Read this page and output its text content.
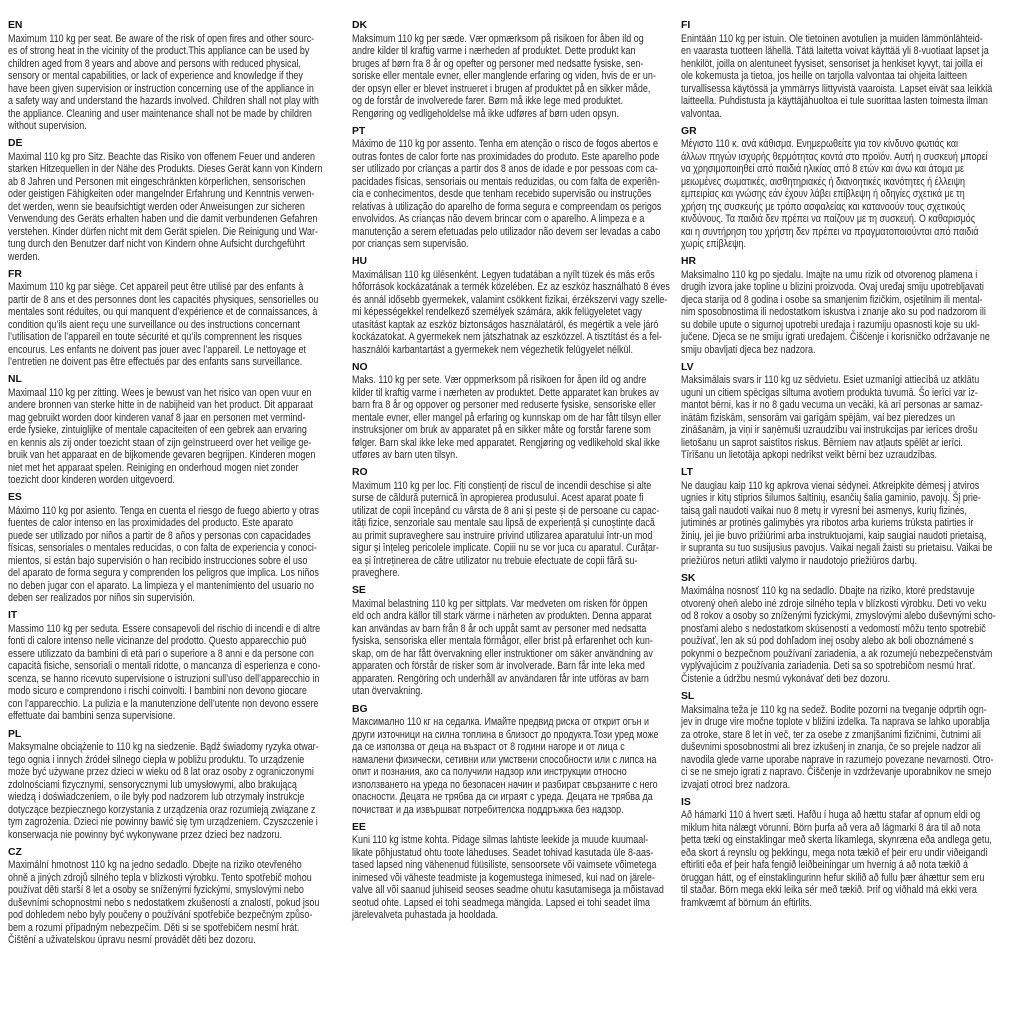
EN
Maximum 110 kg per seat. Be aware of the risk of open fires and other sourc-
es of strong heat in the vicinity of the product.This appliance can be used by
children aged from 8 years and above and persons with reduced physical,
sensory or mental capabilities, or lack of experience and knowledge if they
have been given supervision or instruction concerning use of the appliance in
a safety way and understand the hazards involved. Children shall not play with
the appliance. Cleaning and user maintenance shall not be made by children
without supervision.
DE
Maximal 110 kg pro Sitz. Beachte das Risiko von offenem Feuer und anderen
starken Hitzequellen in der Nähe des Produkts. Dieses Gerät kann von Kindern
ab 8 Jahren und Personen mit eingeschränkten körperlichen, sensorischen
oder geistigen Fähigkeiten oder mangelnder Erfahrung und Kenntnis verwen-
det werden, wenn sie beaufsichtigt werden oder Anweisungen zur sicheren
Verwendung des Geräts erhalten haben und die damit verbundenen Gefahren
verstehen. Kinder dürfen nicht mit dem Gerät spielen. Die Reinigung und War-
tung durch den Benutzer darf nicht von Kindern ohne Aufsicht durchgeführt
werden.
FR
Maximum 110 kg par siège. Cet appareil peut être utilisé par des enfants à
partir de 8 ans et des personnes dont les capacités physiques, sensorielles ou
mentales sont réduites, ou qui manquent d’expérience et de connaissances, à
condition qu’ils aient reçu une surveillance ou des instructions concernant
l’utilisation de l’appareil en toute sécurité et qu’ils comprennent les risques
encourus. Les enfants ne doivent pas jouer avec l’appareil. Le nettoyage et
l’entretien ne doivent pas être effectués par des enfants sans surveillance.
NL
Maximaal 110 kg per zitting. Wees je bewust van het risico van open vuur en
andere bronnen van sterke hitte in de nabijheid van het product. Dit apparaat
mag gebruikt worden door kinderen vanaf 8 jaar en personen met vermind-
erde fysieke, zintuiglijke of mentale capaciteiten of een gebrek aan ervaring
en kennis als zij onder toezicht staan of zijn geïnstrueerd over het veilige ge-
bruik van het apparaat en de bijkomende gevaren begrijpen. Kinderen mogen
niet met het apparaat spelen. Reiniging en onderhoud mogen niet zonder
toezicht door kinderen worden uitgevoerd.
ES
Máximo 110 kg por asiento. Tenga en cuenta el riesgo de fuego abierto y otras
fuentes de calor intenso en las proximidades del producto. Este aparato
puede ser utilizado por niños a partir de 8 años y personas con capacidades
físicas, sensoriales o mentales reducidas, o con falta de experiencia y conoci-
mientos, si están bajo supervisión o han recibido instrucciones sobre el uso
del aparato de forma segura y comprenden los peligros que implica. Los niños
no deben jugar con el aparato. La limpieza y el mantenimiento del usuario no
deben ser realizados por niños sin supervisión.
IT
Massimo 110 kg per seduta. Essere consapevoli del rischio di incendi e di altre
fonti di calore intenso nelle vicinanze del prodotto. Questo apparecchio può
essere utilizzato da bambini di età pari o superiore a 8 anni e da persone con
capacità fisiche, sensoriali o mentali ridotte, o mancanza di esperienza e cono-
scenza, se hanno ricevuto supervisione o istruzioni sull’uso dell’apparecchio in
modo sicuro e comprendono i rischi coinvolti. I bambini non devono giocare
con l’apparecchio. La pulizia e la manutenzione dell’utente non devono essere
effettuate dai bambini senza supervisione.
PL
Maksymalne obciążenie to 110 kg na siedzenie. Bądź świadomy ryzyka otwar-
tego ognia i innych źródeł silnego ciepła w pobliżu produktu. To urządzenie
może być używane przez dzieci w wieku od 8 lat oraz osoby z ograniczonymi
zdolnościami fizycznymi, sensorycznymi lub umysłowymi, albo brakującą
wiedzą i doświadczeniem, o ile były pod nadzorem lub otrzymały instrukcje
dotyczące bezpiecznego korzystania z urządzenia oraz rozumieją związane z
tym zagrożenia. Dzieci nie powinny bawić się tym urządzeniem. Czyszczenie i
konserwacja nie powinny być wykonywane przez dzieci bez nadzoru.
CZ
Maximální hmotnost 110 kg na jedno sedadlo. Dbejte na riziko otevřeného
ohně a jiných zdrojů silného tepla v blízkosti výrobku. Tento spotřebič mohou
používat děti starší 8 let a osoby se sníženými fyzickými, smyslovými nebo
duševními schopnostmi nebo s nedostatkem zkušeností a znalostí, pokud jsou
pod dohledem nebo byly poučeny o používání spotřebiče bezpečným způso-
bem a rozumí případným nebezpečím. Děti si se spotřebičem nesmí hrát.
Čištění a uživatelskou úpravu nesmí provádět děti bez dozoru.
DK
Maksimum 110 kg per sæde. Vær opmærksom på risikoen for åben ild og
andre kilder til kraftig varme i nærheden af produktet. Dette produkt kan
bruges af børn fra 8 år og opefter og personer med nedsatte fysiske, sen-
soriske eller mentale evner, eller manglende erfaring og viden, hvis de er un-
der opsyn eller er blevet instrueret i brugen af produktet på en sikker måde,
og de forstår de involverede farer. Børn må ikke lege med produktet.
Rengøring og vedligeholdelse må ikke udføres af børn uden opsyn.
PT
Máximo de 110 kg por assento. Tenha em atenção o risco de fogos abertos e
outras fontes de calor forte nas proximidades do produto. Este aparelho pode
ser utilizado por crianças a partir dos 8 anos de idade e por pessoas com ca-
pacidades físicas, sensoriais ou mentais reduzidas, ou com falta de experiên-
cia e conhecimentos, desde que tenham recebido supervisão ou instruções
relativas à utilização do aparelho de forma segura e compreendam os perigos
envolvidos. As crianças não devem brincar com o aparelho. A limpeza e a
manutenção a serem efetuadas pelo utilizador não devem ser levadas a cabo
por crianças sem supervisão.
HU
Maximálisan 110 kg ülésenként. Legyen tudatában a nyílt tüzek és más erős
hőforrások kockázatának a termék közelében. Ez az eszköz használható 8 éves
és annál idősebb gyermekek, valamint csökkent fizikai, érzékszervi vagy szelle-
mi képességekkel rendelkező személyek számára, akik felügyeletet vagy
utasítást kaptak az eszköz biztonságos használatáról, és megértik a vele járó
kockázatokat. A gyermekek nem játszhatnak az eszközzel. A tisztítást és a fel-
használói karbantartást a gyermekek nem végezhetik felügyelet nélkül.
NO
Maks. 110 kg per sete. Vær oppmerksom på risikoen for åpen ild og andre
kilder til kraftig varme i nærheten av produktet. Dette apparatet kan brukes av
barn fra 8 år og oppover og personer med reduserte fysiske, sensoriske eller
mentale evner, eller mangel på erfaring og kunnskap om de har fått tilsyn eller
instruksjoner om bruk av apparatet på en sikker måte og forstår farene som
følger. Barn skal ikke leke med apparatet. Rengjøring og vedlikehold skal ikke
utføres av barn uten tilsyn.
RO
Maximum 110 kg per loc. Fiți conștienți de riscul de incendii deschise și alte
surse de căldură puternică în apropierea produsului. Acest aparat poate fi
utilizat de copii începând cu vârsta de 8 ani și peste și de persoane cu capac-
ități fizice, senzoriale sau mentale sau lipsă de experiență și cunoștințe dacă
au primit supraveghere sau instruire privind utilizarea aparatului într-un mod
sigur și înțeleg pericolele implicate. Copiii nu se vor juca cu aparatul. Curățar-
ea și întreținerea de către utilizator nu trebuie efectuate de copii fără su-
praveghere.
SE
Maximal belastning 110 kg per sittplats. Var medveten om risken för öppen
eld och andra källor till stark värme i närheten av produkten. Denna apparat
kan användas av barn från 8 år och uppåt samt av personer med nedsatta
fysiska, sensoriska eller mentala förmågor, eller brist på erfarenhet och kun-
skap, om de har fått övervakning eller instruktioner om säker användning av
apparaten och förstår de risker som är involverade. Barn får inte leka med
apparaten. Rengöring och underhåll av användaren får inte utföras av barn
utan övervakning.
BG
Максимално 110 кг на седалка. Имайте предвид риска от открит огън и
други източници на силна топлина в близост до продукта.Този уред може
да се използва от деца на възраст от 8 години нагоре и от лица с
намалени физически, сетивни или умствени способности или с липса на
опит и познания, ако са получили надзор или инструкции относно
използването на уреда по безопасен начин и разбират свързаните с него
опасности. Децата не трябва да си играят с уреда. Децата не трябва да
почистват и да извършват потребителска поддръжка без надзор.
EE
Kuni 110 kg istme kohta. Pidage silmas lahtiste leekide ja muude kuumaal-
likate põhjustatud ohtu toote läheduses. Seadet tohivad kasutada üle 8-aas-
tased lapsed ning vähenenud füüsiliste, sensoorsete või vaimsete võimetega
inimesed või väheste teadmiste ja kogemustega inimesed, kui nad on järele-
valve all või saanud juhiseid seoses seadme ohutu kasutamisega ja mõistavad
seotud ohte. Lapsed ei tohi seadmega mängida. Lapsed ei tohi seadet ilma
järelevalveta puhastada ja hooldada.
FI
Enintään 110 kg per istuin. Ole tietoinen avotulien ja muiden lämmönlähteid-
en vaarasta tuotteen lähellä. Tätä laitetta voivat käyttää yli 8-vuotiaat lapset ja
henkilöt, joilla on alentuneet fyysiset, sensoriset ja henkiset kyvyt, tai joilla ei
ole kokemusta ja tietoa, jos heille on tarjolla valvontaa tai ohjeita laitteen
turvallisessa käytössä ja ymmärrys liittyvistä vaaroista. Lapset eivät saa leikkiä
laitteella. Puhdistusta ja käyttäjähuoltoa ei tule suorittaa lasten toimesta ilman
valvontaa.
GR
Μέγιστο 110 κ. ανά κάθισμα. Ενημερωθείτε για τον κίνδυνο φωτιάς και
άλλων πηγών ισχυρής θερμότητας κοντά στο προϊόν. Αυτή η συσκευή μπορεί
να χρησιμοποιηθεί από παιδιά ηλικίας από 8 ετών και άνω και άτομα με
μειωμένες σωματικές, αισθητηριακές ή διανοητικές ικανότητες ή έλλειψη
εμπειρίας και γνώσης εάν έχουν λάβει επίβλεψη ή οδηγίες σχετικά με τη
χρήση της συσκευής με τρόπο ασφαλείας και κατανοούν τους σχετικούς
κινδύνους. Τα παιδιά δεν πρέπει να παίζουν με τη συσκευή. Ο καθαρισμός
και η συντήρηση του χρήστη δεν πρέπει να πραγματοποιούνται από παιδιά
χωρίς επίβλεψη.
HR
Maksimalno 110 kg po sjedalu. Imajte na umu rizik od otvorenog plamena i
drugih izvora jake topline u blizini proizvoda. Ovaj uređaj smiju upotrebljavati
djeca starija od 8 godina i osobe sa smanjenim fizičkim, osjetilnim ili mental-
nim sposobnostima ili nedostatkom iskustva i znanje ako su pod nadzorom ili
su dobile upute o sigurnoj upotrebi uređaja i razumiju opasnosti koje su ukl-
jučene. Djeca se ne smiju igrati uređajem. Čišćenje i korisničko održavanje ne
smiju obavljati djeca bez nadzora.
LV
Maksimālais svars ir 110 kg uz sēdvietu. Esiet uzmanīgi attiecībā uz atklātu
uguni un citiem spēcīgas siltuma avotiem produkta tuvumā. Šo ierīci var iz-
mantot bērni, kas ir no 8 gadu vecuma un vecāki, kā arī personas ar samaz-
inātām fiziskām, sensorām vai garīgām spējām, vai bez pieredzes un
zināšanām, ja viņi ir saņēmuši uzraudzību vai instrukcijas par ierīces drošu
lietošanu un saprot saistītos riskus. Bērniem nav atļauts spēlēt ar ierīci.
Tīrīšanu un lietotāja apkopi nedrīkst veikt bērni bez uzraudzības.
LT
Ne daugiau kaip 110 kg apkrova vienai sėdynei. Atkreipkite dėmesį į atviros
ugnies ir kitų stiprios šilumos šaltinių, esančių šalia gaminio, pavojų. Šį prie-
taisą gali naudoti vaikai nuo 8 metų ir vyresni bei asmenys, kurių fizinės,
jutiminės ar protinės galimybės yra ribotos arba kuriems trūksta patirties ir
žinių, jei jie buvo prižiūrimi arba instruktuojami, kaip saugiai naudoti prietaisą,
ir supranta su tuo susijusius pavojus. Vaikai negali žaisti su prietaisu. Vaikai be
priežiūros neturi atlikti valymo ir naudotojo priežiūros darbų.
SK
Maximálna nosnosť 110 kg na sedadlo. Dbajte na riziko, ktoré predstavuje
otvorený oheň alebo iné zdroje silného tepla v blízkosti výrobku. Deti vo veku
od 8 rokov a osoby so zníženými fyzickými, zmyslovými alebo duševnými scho-
pnosťami alebo s nedostatkom skúseností a vedomostí môžu tento spotrebič
používať, len ak sú pod dohľadom inej osoby alebo ak boli oboznámené s
pokynmi o bezpečnom používaní zariadenia, a ak rozumejú nebezpečenstvám
vyplývajúcim z používania zariadenia. Deti sa so spotrebičom nesmú hrať.
Čistenie a údržbu nesmú vykonávať deti bez dozoru.
SL
Maksimalna teža je 110 kg na sedež. Bodite pozorni na tveganje odprtih ogn-
jev in druge vire močne toplote v bližini izdelka. Ta naprava se lahko uporablja
za otroke, stare 8 let in več, ter za osebe z zmanjšanimi fizičnimi, čutnimi ali
duševnimi sposobnostmi ali brez izkušenj in znanja, če so prejele nadzor ali
navodila glede varne uporabe naprave in razumejo povezane nevarnosti. Otro-
ci se ne smejo igrati z napravo. Čiščenje in vzdrževanje uporabnikov ne smejo
izvajati otroci brez nadzora.
IS
Að hámarki 110 á hvert sæti. Hafðu í huga að hættu stafar af opnum eldi og
miklum hita nálægt vörunni. Börn þurfa að vera að lágmarki 8 ára til að nota
þetta tæki og einstaklingar með skerta líkamlega, skynræna eða andlega getu,
eða skort á reynslu og þekkingu, mega nota tækið ef þeir eru undir viðeigandi
eftirliti eða ef þeir hafa fengið leiðbeiningar um hvernig á að nota tækið á
öruggan hátt, og ef einstaklingurinn hefur skilið að fullu þær áhættur sem eru
til staðar. Börn mega ekki leika sér með tækið. Þrif og viðhald má ekki vera
framkvæmt af börnum án eftirlits.
